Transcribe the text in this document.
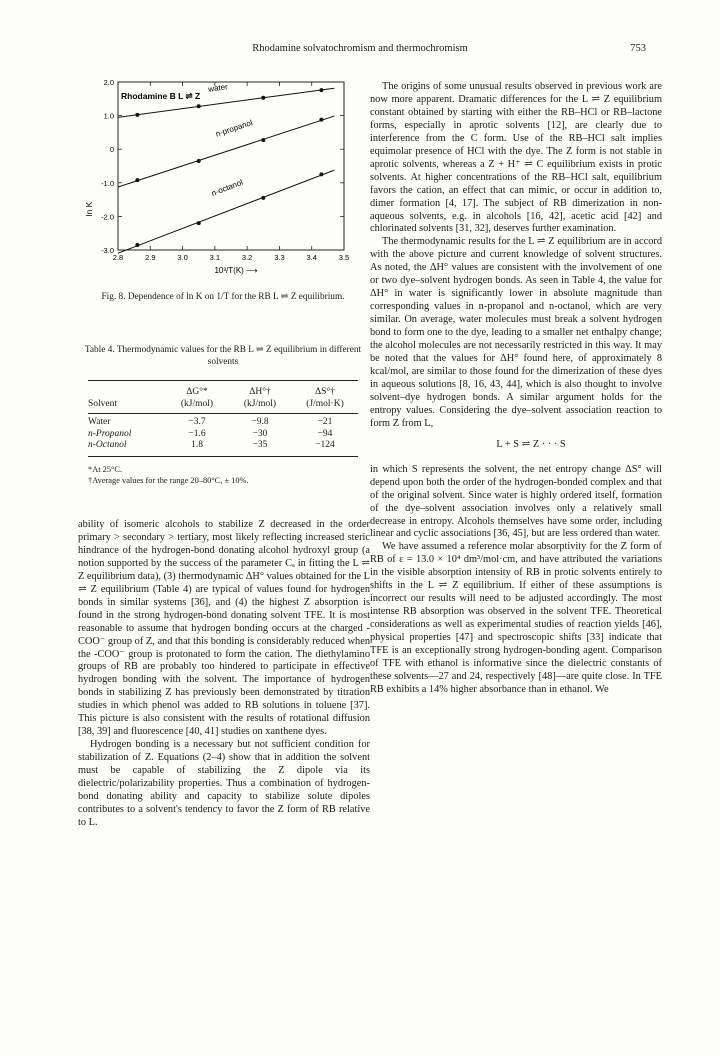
Rhodamine solvatochromism and thermochromism	753
2.8	2.9	3.0	3.1	3.2	3.3	3.4	3.5
2.0
1.0
0
-1.0
-2.0
-3.0
water
n-propanol
n-octanol
Rhodamine B L ⇌ Z
ln K
10³/T(K) ⟶
Fig. 8. Dependence of ln K on 1/T for the RB L ⇌ Z equilibrium.
Table 4. Thermodynamic values for the RB L ⇌ Z equilibrium in different solvents
ΔG°*	ΔH°†	ΔS°†
Solvent	(kJ/mol)	(kJ/mol)	(J/mol·K)
Water	−3.7	−9.8	−21
n-Propanol	−1.6	−30	−94
n-Octanol	1.8	−35	−124
*At 25°C.
†Average values for the range 20–80°C, ± 10%.

ability of isomeric alcohols to stabilize Z decreased in the order primary > secondary > tertiary, most likely reflecting increased steric hindrance of the hydrogen-bond donating alcohol hydroxyl group (a notion supported by the success of the parameter Cₐ in fitting the L ⇌ Z equilibrium data), (3) thermodynamic ΔH° values obtained for the L ⇌ Z equilibrium (Table 4) are typical of values found for hydrogen bonds in similar systems [36], and (4) the highest Z absorption is found in the strong hydrogen-bond donating solvent TFE. It is most reasonable to assume that hydrogen bonding occurs at the charged -COO⁻ group of Z, and that this bonding is considerably reduced when the -COO⁻ group is protonated to form the cation. The diethylamino groups of RB are probably too hindered to participate in effective hydrogen bonding with the solvent. The importance of hydrogen bonds in stabilizing Z has previously been demonstrated by titration studies in which phenol was added to RB solutions in toluene [37]. This picture is also consistent with the results of rotational diffusion [38, 39] and fluorescence [40, 41] studies on xanthene dyes.

Hydrogen bonding is a necessary but not sufficient condition for stabilization of Z. Equations (2–4) show that in addition the solvent must be capable of stabilizing the Z dipole via its dielectric/polarizability properties. Thus a combination of hydrogen-bond donating ability and capacity to stabilize solute dipoles contributes to a solvent's tendency to favor the Z form of RB relative to L.

The origins of some unusual results observed in previous work are now more apparent. Dramatic differences for the L ⇌ Z equilibrium constant obtained by starting with either the RB–HCl or RB–lactone forms, especially in aprotic solvents [12], are clearly due to interference from the C form. Use of the RB–HCl salt implies equimolar presence of HCl with the dye. The Z form is not stable in aprotic solvents, whereas a Z + H⁺ ⇌ C equilibrium exists in protic solvents. At higher concentrations of the RB–HCl salt, equilibrium favors the cation, an effect that can mimic, or occur in addition to, dimer formation [4, 17]. The subject of RB dimerization in non-aqueous solvents, e.g. in alcohols [16, 42], acetic acid [42] and chlorinated solvents [31, 32], deserves further examination.

The thermodynamic results for the L ⇌ Z equilibrium are in accord with the above picture and current knowledge of solvent structures. As noted, the ΔH° values are consistent with the involvement of one or two dye–solvent hydrogen bonds. As seen in Table 4, the value for ΔH° in water is significantly lower in absolute magnitude than corresponding values in n-propanol and n-octanol, which are very similar. On average, water molecules must break a solvent hydrogen bond to form one to the dye, leading to a smaller net enthalpy change; the alcohol molecules are not necessarily restricted in this way. It may be noted that the values for ΔH° found here, of approximately 8 kcal/mol, are similar to those found for the dimerization of these dyes in aqueous solutions [8, 16, 43, 44], which is also thought to involve solvent–dye hydrogen bonds. A similar argument holds for the entropy values. Considering the dye–solvent association reaction to form Z from L,

L + S ⇌ Z · · · S

in which S represents the solvent, the net entropy change ΔS° will depend upon both the order of the hydrogen-bonded complex and that of the original solvent. Since water is highly ordered itself, formation of the dye–solvent association involves only a relatively small decrease in entropy. Alcohols themselves have some order, including linear and cyclic associations [36, 45], but are less ordered than water.

We have assumed a reference molar absorptivity for the Z form of RB of ε = 13.0 × 10⁴ dm³/mol·cm, and have attributed the variations in the visible absorption intensity of RB in protic solvents entirely to shifts in the L ⇌ Z equilibrium. If either of these assumptions is incorrect our results will need to be adjusted accordingly. The most intense RB absorption was observed in the solvent TFE. Theoretical considerations as well as experimental studies of reaction yields [46], physical properties [47] and spectroscopic shifts [33] indicate that TFE is an exceptionally strong hydrogen-bonding agent. Comparison of TFE with ethanol is informative since the dielectric constants of these solvents—27 and 24, respectively [48]—are quite close. In TFE RB exhibits a 14% higher absorbance than in ethanol. We
